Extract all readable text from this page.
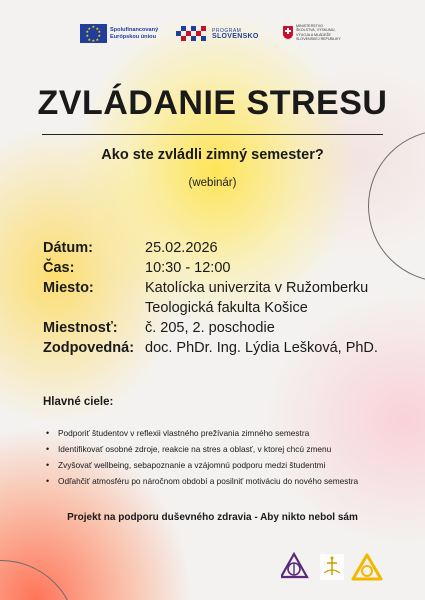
★ ★
★
★
★
★
★
★
★
★	Spolufinancovaný
Európskou úniou
PROGRAM
SLOVENSKO
MINISTERSTVO
ŠKOLSTVA, VÝSKUMU,
VÝVOJA A MLÁDEŽE
SLOVENSKEJ REPUBLIKY
ZVLÁDANIE STRESU
Ako ste zvládli zimný semester?
(webinár)
Dátum:	25.02.2026
Čas:	10:30 - 12:00
Miesto:	Katolícka univerzita v Ružomberku
Teologická fakulta Košice
Miestnosť:	č. 205, 2. poschodie
Zodpovedná: doc. PhDr. Ing. Lýdia Lešková, PhD.
Hlavné ciele:
• Podporiť študentov v reflexii vlastného prežívania zimného semestra
• Identifikovať osobné zdroje, reakcie na stres a oblasť, v ktorej chcú zmenu
• Zvyšovať wellbeing, sebapoznanie a vzájomnú podporu medzi študentmi
• Odľahčiť atmosféru po náročnom období a posilniť motiváciu do nového semestra
Projekt na podporu duševného zdravia - Aby nikto nebol sám
